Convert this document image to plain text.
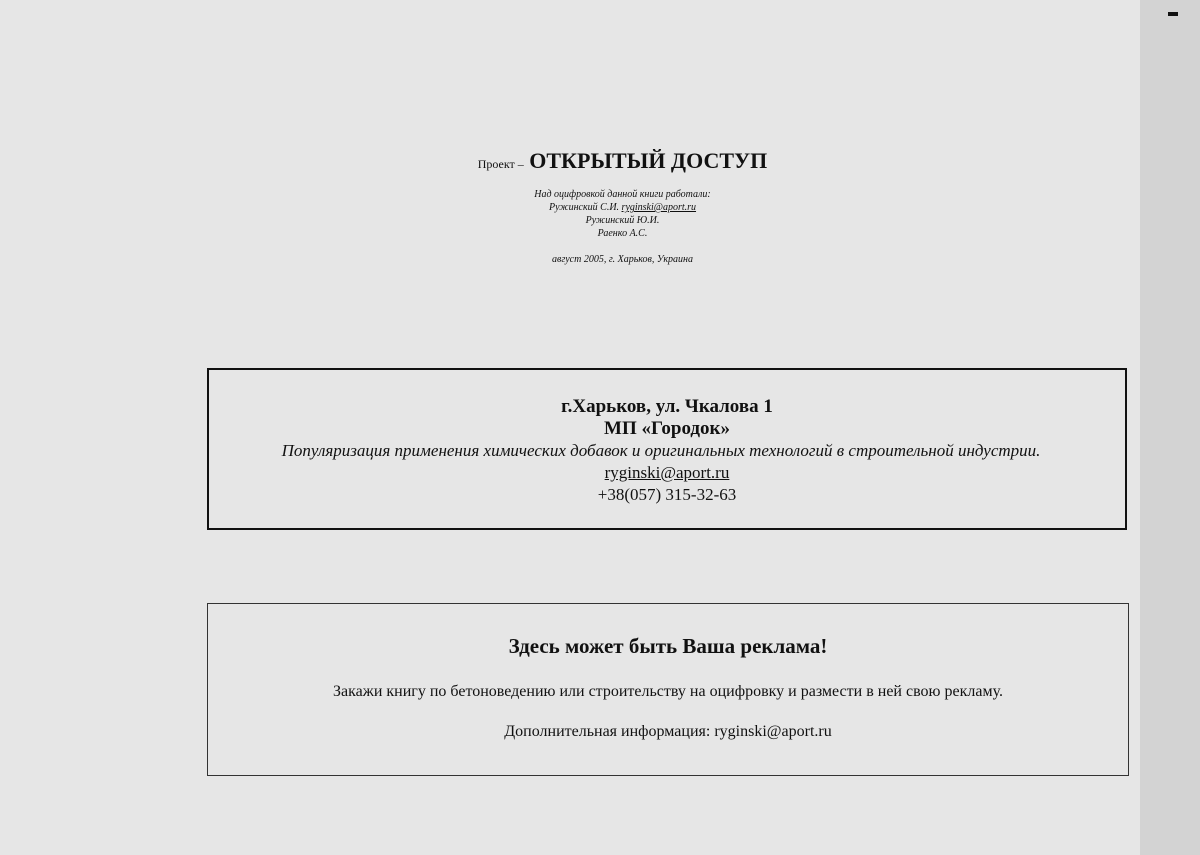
Проект – ОТКРЫТЫЙ ДОСТУП
Над оцифровкой данной книги работали:
Ружинский С.И. ryginski@aport.ru
Ружинский Ю.И.
Раенко А.С.
август 2005, г. Харьков, Украина
г.Харьков, ул. Чкалова 1
МП «Городок»
Популяризация применения химических добавок и оригинальных технологий в строительной индустрии.
ryginski@aport.ru
+38(057) 315-32-63
Здесь может быть Ваша реклама!
Закажи книгу по бетоноведению или строительству на оцифровку и размести в ней свою рекламу.
Дополнительная информация: ryginski@aport.ru
